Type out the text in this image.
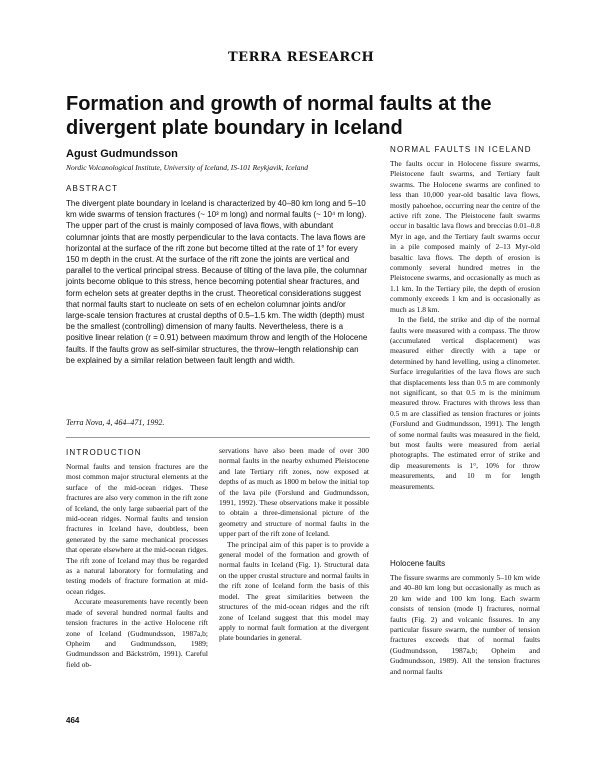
TERRA RESEARCH
Formation and growth of normal faults at the divergent plate boundary in Iceland
Agust Gudmundsson
Nordic Volcanological Institute, University of Iceland, IS-101 Reykjavik, Iceland
ABSTRACT

The divergent plate boundary in Iceland is characterized by 40–80 km long and 5–10 km wide swarms of tension fractures (~ 10³ m long) and normal faults (~ 10⁴ m long). The upper part of the crust is mainly composed of lava flows, with abundant columnar joints that are mostly perpendicular to the lava contacts. The lava flows are horizontal at the surface of the rift zone but become tilted at the rate of 1° for every 150 m depth in the crust. At the surface of the rift zone the joints are vertical and parallel to the vertical principal stress. Because of tilting of the lava pile, the columnar joints become oblique to this stress, hence becoming potential shear fractures, and form echelon sets at greater depths in the crust. Theoretical considerations suggest that normal faults start to nucleate on sets of en echelon columnar joints and/or large-scale tension fractures at crustal depths of 0.5–1.5 km. The width (depth) must be the smallest (controlling) dimension of many faults. Nevertheless, there is a positive linear relation (r = 0.91) between maximum throw and length of the Holocene faults. If the faults grow as self-similar structures, the throw–length relationship can be explained by a similar relation between fault length and width.

Terra Nova, 4, 464–471, 1992.
INTRODUCTION

Normal faults and tension fractures are the most common major structural elements at the surface of the mid-ocean ridges. These fractures are also very common in the rift zone of Iceland, the only large subaerial part of the mid-ocean ridges. Normal faults and tension fractures in Iceland have, doubtless, been generated by the same mechanical processes that operate elsewhere at the mid-ocean ridges. The rift zone of Iceland may thus be regarded as a natural laboratory for formulating and testing models of fracture formation at mid-ocean ridges.

Accurate measurements have recently been made of several hundred normal faults and tension fractures in the active Holocene rift zone of Iceland (Gudmundsson, 1987a,b; Opheim and Gudmundsson, 1989; Gudmundsson and Bäckström, 1991). Careful field ob-

servations have also been made of over 300 normal faults in the nearby exhumed Pleistocene and late Tertiary rift zones, now exposed at depths of as much as 1800 m below the initial top of the lava pile (Forslund and Gudmundsson, 1991, 1992). These observations make it possible to obtain a three-dimensional picture of the geometry and structure of normal faults in the upper part of the rift zone of Iceland.

The principal aim of this paper is to provide a general model of the formation and growth of normal faults in Iceland (Fig. 1). Structural data on the upper crustal structure and normal faults in the rift zone of Iceland form the basis of this model. The great similarities between the structures of the mid-ocean ridges and the rift zone of Iceland suggest that this model may apply to normal fault formation at the divergent plate boundaries in general.

NORMAL FAULTS IN ICELAND

The faults occur in Holocene fissure swarms, Pleistocene fault swarms, and Tertiary fault swarms. The Holocene swarms are confined to less than 10,000 year-old basaltic lava flows, mostly pahoehoe, occurring near the centre of the active rift zone. The Pleistocene fault swarms occur in basaltic lava flows and breccias 0.01–0.8 Myr in age, and the Tertiary fault swarms occur in a pile composed mainly of 2–13 Myr-old basaltic lava flows. The depth of erosion is commonly several hundred metres in the Pleistocene swarms, and occasionally as much as 1.1 km. In the Tertiary pile, the depth of erosion commonly exceeds 1 km and is occasionally as much as 1.8 km.

In the field, the strike and dip of the normal faults were measured with a compass. The throw (accumulated vertical displacement) was measured either directly with a tape or determined by hand levelling, using a clinometer. Surface irregularities of the lava flows are such that displacements less than 0.5 m are commonly not significant, so that 0.5 m is the minimum measured throw. Fractures with throws less than 0.5 m are classified as tension fractures or joints (Forslund and Gudmundsson, 1991). The length of some normal faults was measured in the field, but most faults were measured from aerial photographs. The estimated error of strike and dip measurements is 1°, 10% for throw measurements, and 10 m for length measurements.

Holocene faults

The fissure swarms are commonly 5–10 km wide and 40–80 km long but occasionally as much as 20 km wide and 100 km long. Each swarm consists of tension (mode I) fractures, normal faults (Fig. 2) and volcanic fissures. In any particular fissure swarm, the number of tension fractures exceeds that of normal faults (Gudmundsson, 1987a,b; Opheim and Gudmundsson, 1989). All the tension fractures and normal faults

464
